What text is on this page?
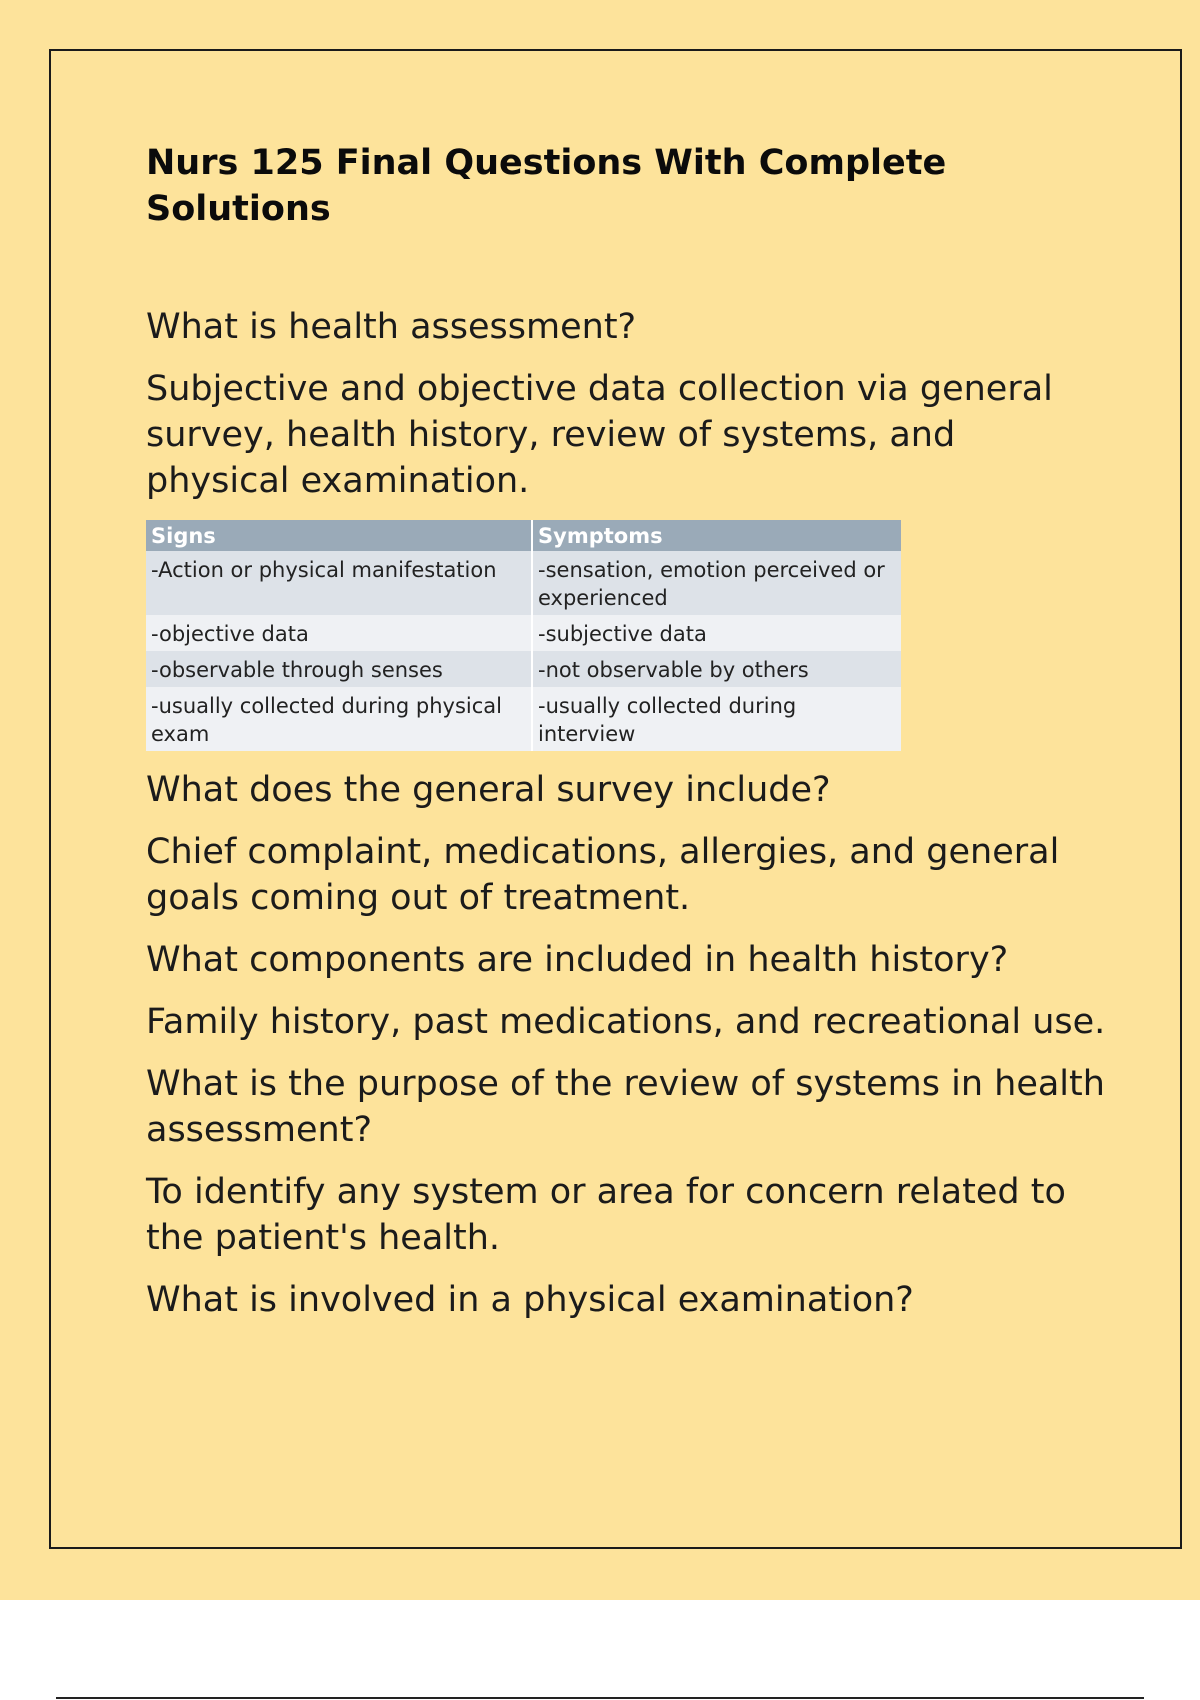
Nurs 125 Final Questions With Complete Solutions

What is health assessment?

Subjective and objective data collection via general survey, health history, review of systems, and physical examination.

Signs	Symptoms
-Action or physical manifestation	-sensation, emotion perceived or experienced
-objective data	-subjective data
-observable through senses	-not observable by others
-usually collected during physical exam	-usually collected during interview

What does the general survey include?

Chief complaint, medications, allergies, and general goals coming out of treatment.

What components are included in health history?

Family history, past medications, and recreational use.

What is the purpose of the review of systems in health assessment?

To identify any system or area for concern related to the patient's health.

What is involved in a physical examination?
